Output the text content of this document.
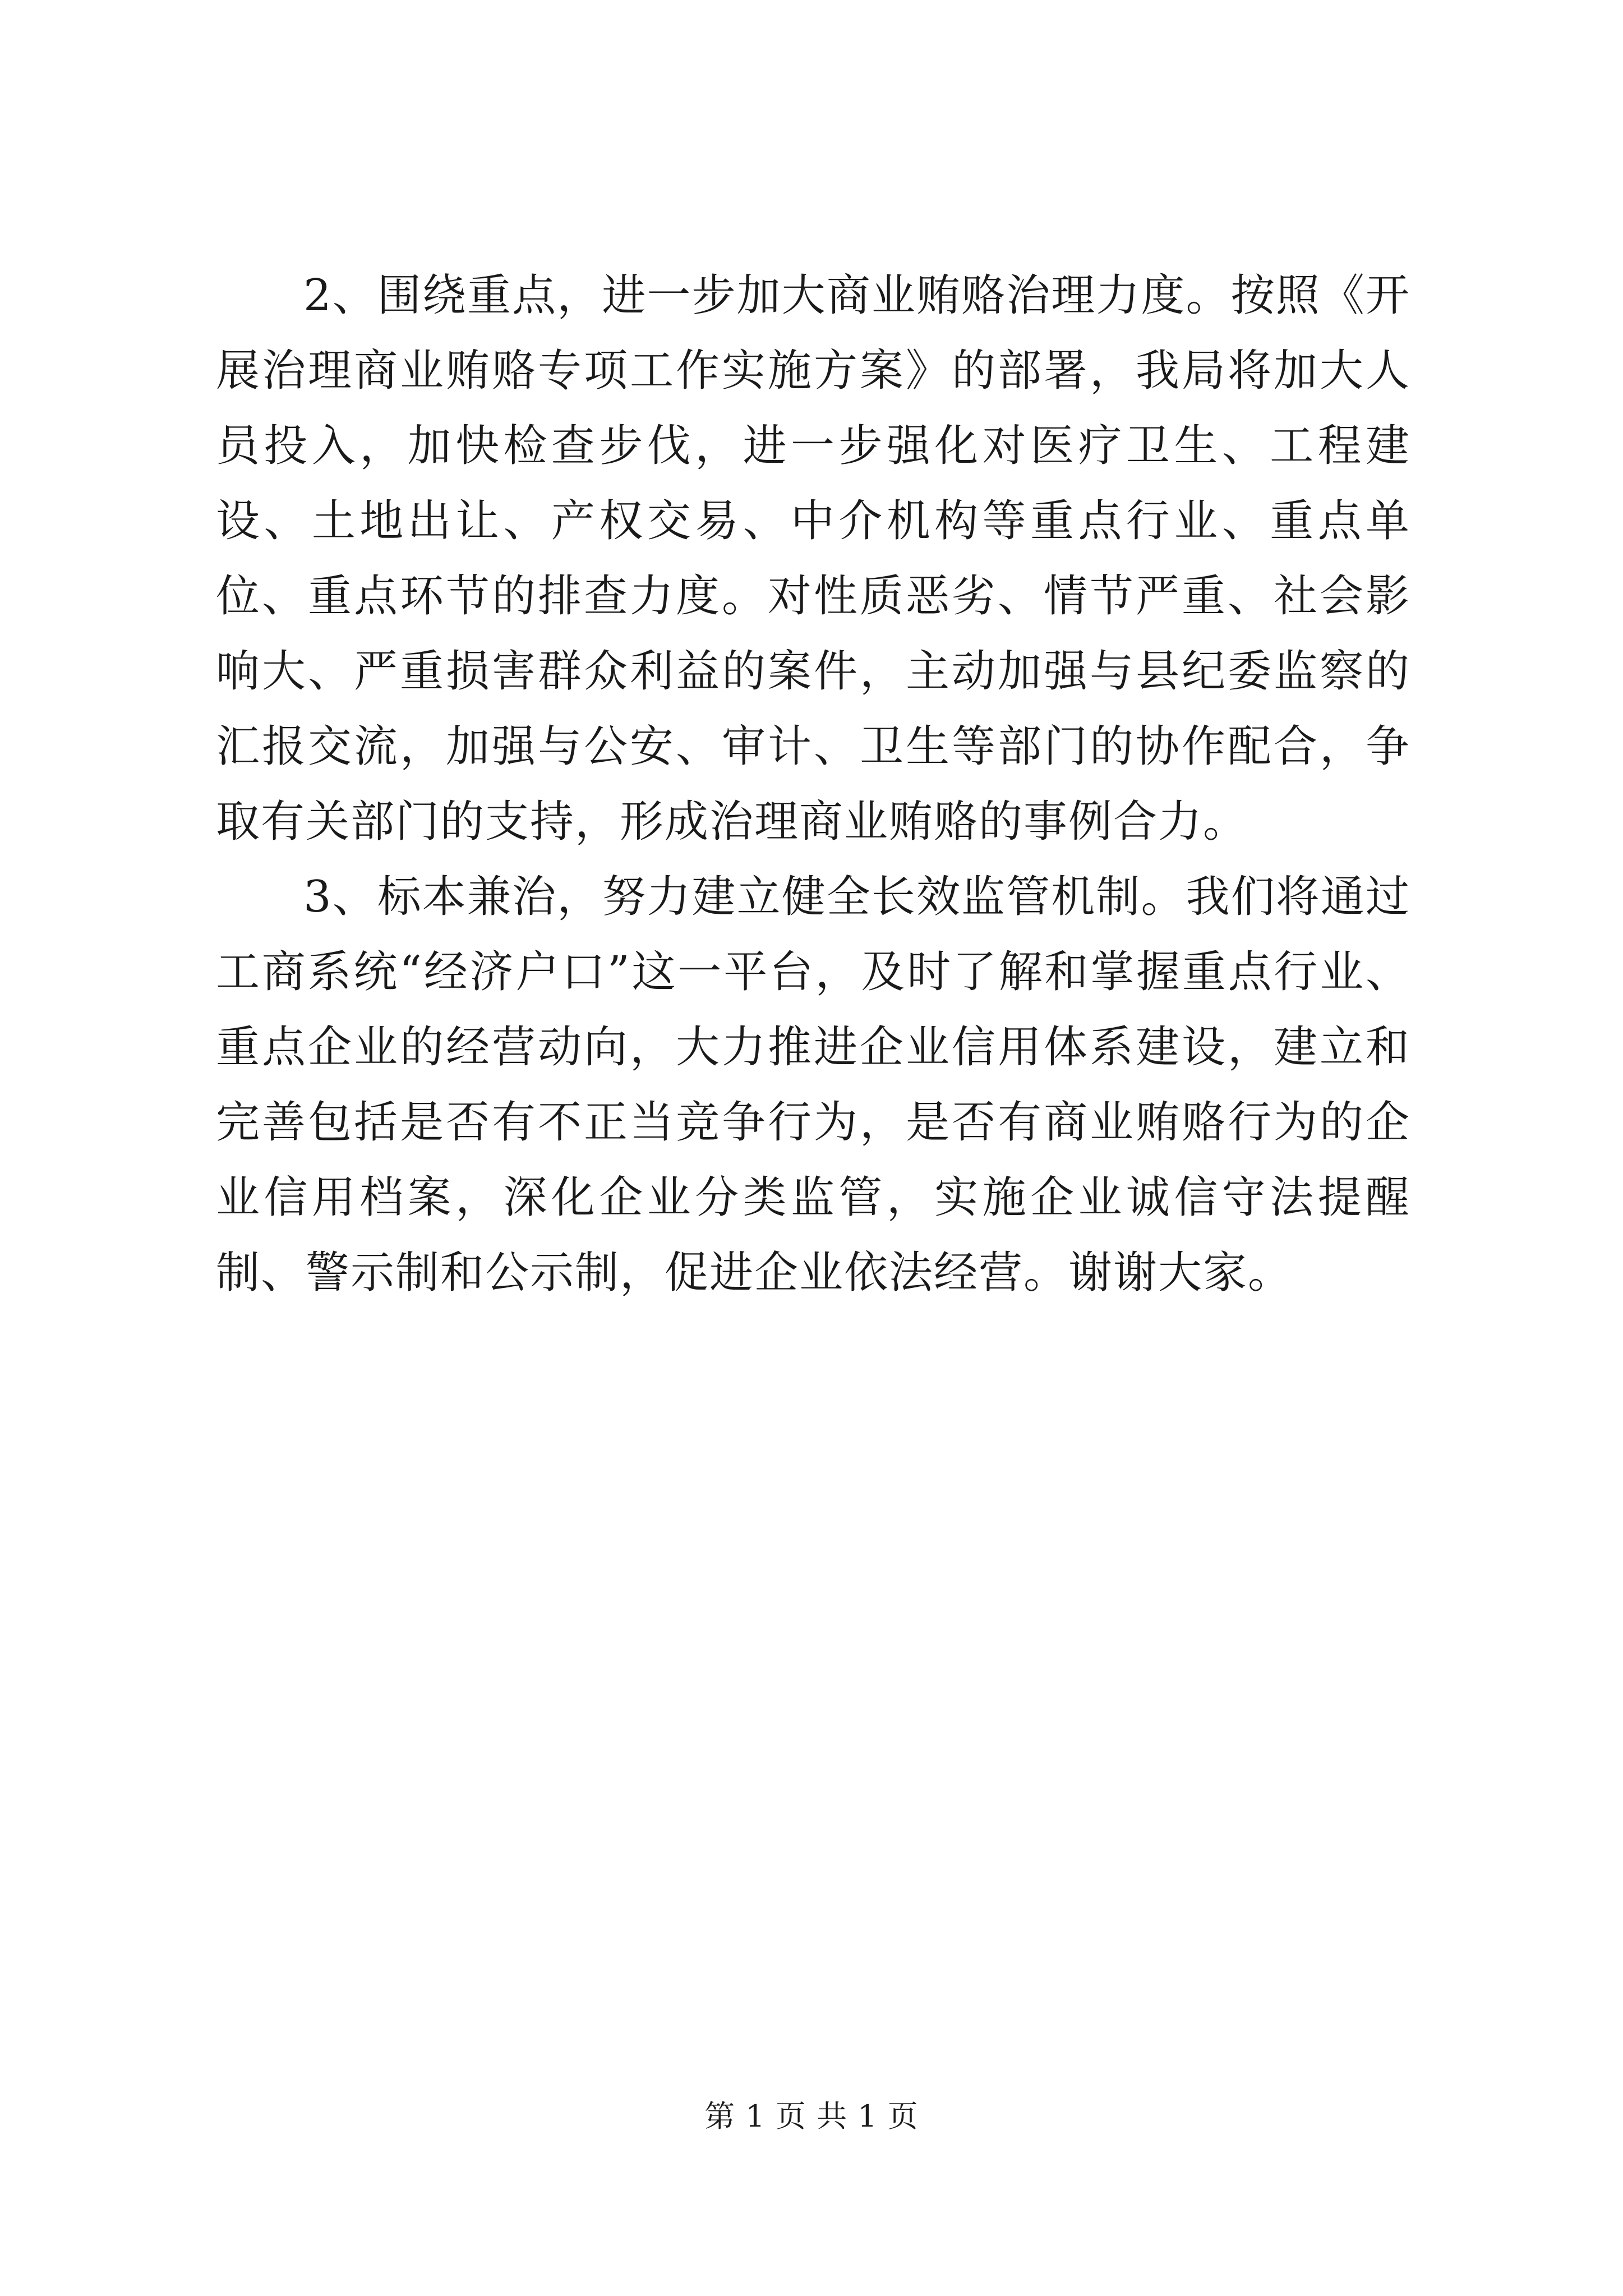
2、围绕重点，进一步加大商业贿赂治理力度。按照《开展治理商业贿赂专项工作实施方案》的部署，我局将加大人员投入，加快检查步伐，进一步强化对医疗卫生、工程建设、土地出让、产权交易、中介机构等重点行业、重点单位、重点环节的排查力度。对性质恶劣、情节严重、社会影响大、严重损害群众利益的案件，主动加强与县纪委监察的汇报交流，加强与公安、审计、卫生等部门的协作配合，争取有关部门的支持，形成治理商业贿赂的事例合力。

3、标本兼治，努力建立健全长效监管机制。我们将通过工商系统“经济户口”这一平台，及时了解和掌握重点行业、重点企业的经营动向，大力推进企业信用体系建设，建立和完善包括是否有不正当竞争行为，是否有商业贿赂行为的企业信用档案，深化企业分类监管，实施企业诚信守法提醒制、警示制和公示制，促进企业依法经营。谢谢大家。

第 1 页 共 1 页
